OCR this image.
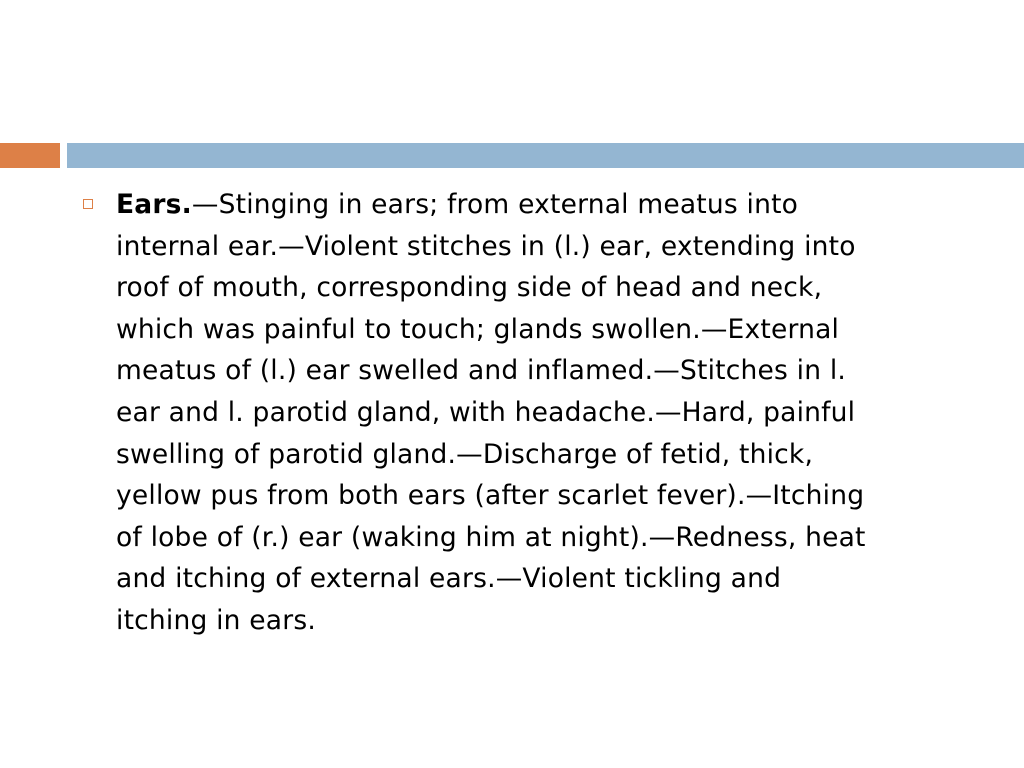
Ears.—Stinging in ears; from external meatus into
internal ear.—Violent stitches in (l.) ear, extending into
roof of mouth, corresponding side of head and neck,
which was painful to touch; glands swollen.—External
meatus of (l.) ear swelled and inflamed.—Stitches in l.
ear and l. parotid gland, with headache.—Hard, painful
swelling of parotid gland.—Discharge of fetid, thick,
yellow pus from both ears (after scarlet fever).—Itching
of lobe of (r.) ear (waking him at night).—Redness, heat
and itching of external ears.—Violent tickling and
itching in ears.
